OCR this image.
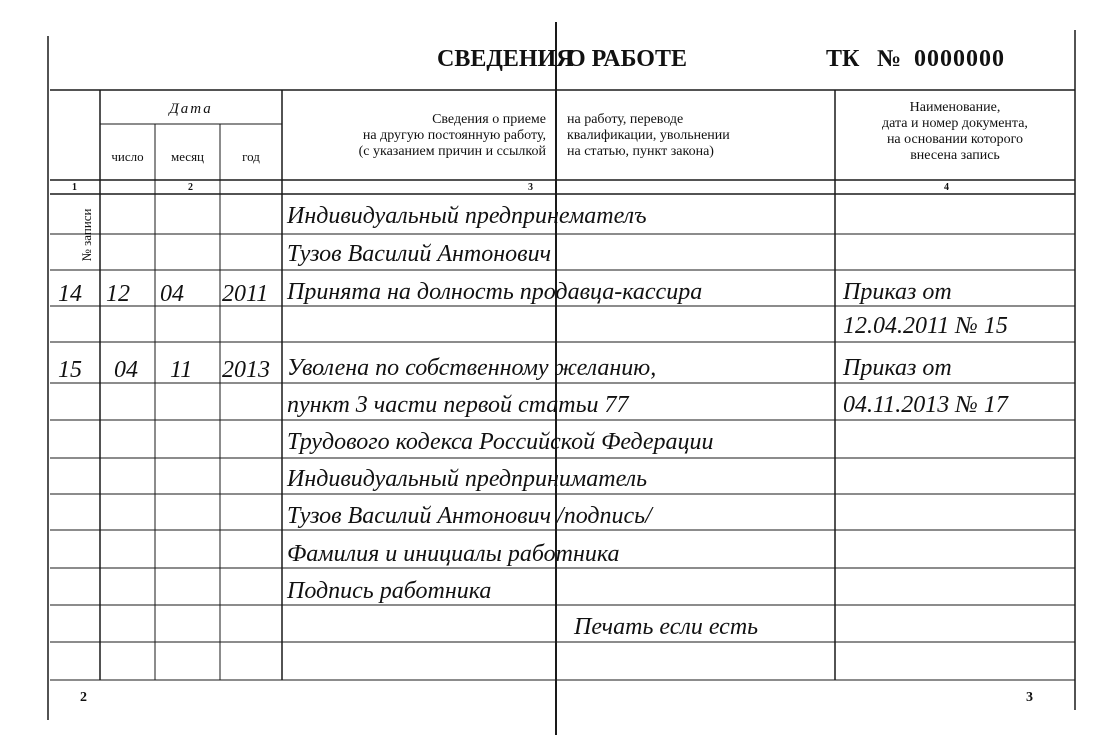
СВЕДЕНИЯ
О РАБОТЕ	ТК № 0000000
№ записи
Дата
число	месяц	год
Сведения о приеме
на другую постоянную работу,
(с указанием причин и ссылкой
на работу, переводе
квалификации, увольнении
на статью, пункт закона)
Наименование,
дата и номер документа,
на основании которого
внесена запись
1	2	3	4
Индивидуальный предпринемателъ
Тузов Василий Антонович
14 12 04 2011 Принята на долность продавца-кассира	Приказ от
12.04.2011 № 15
15 04 11 2013 Уволена по собственному желанию,	Приказ от
пункт 3 части первой статьи 77	04.11.2013 № 17
Трудового кодекса Российской Федерации
Индивидуальный предприниматель
Тузов Василий Антонович /подпись/
Фамилия и инициалы работника
Подпись работника
Печать если есть
2	3
